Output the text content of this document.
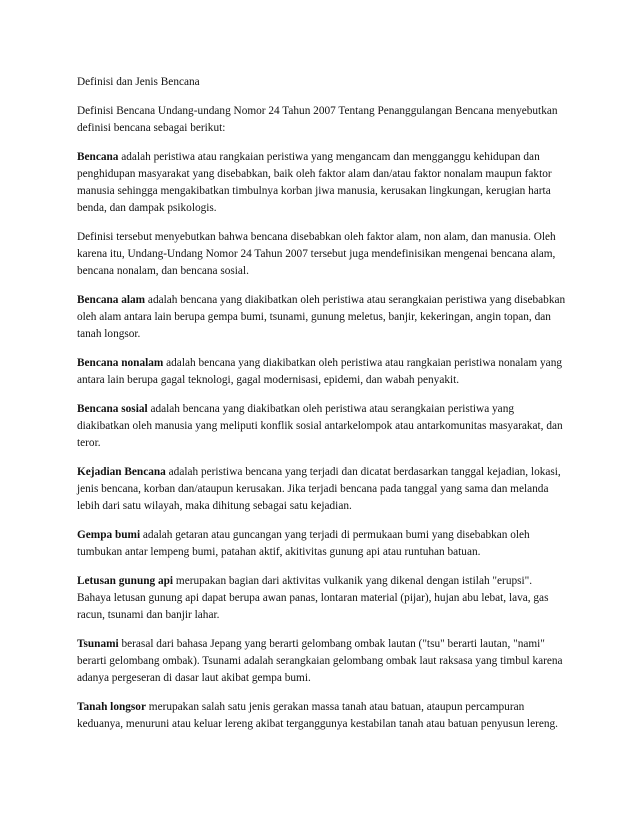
Definisi dan Jenis Bencana

Definisi Bencana Undang-undang Nomor 24 Tahun 2007 Tentang Penanggulangan Bencana menyebutkan definisi bencana sebagai berikut:

Bencana adalah peristiwa atau rangkaian peristiwa yang mengancam dan mengganggu kehidupan dan penghidupan masyarakat yang disebabkan, baik oleh faktor alam dan/atau faktor nonalam maupun faktor manusia sehingga mengakibatkan timbulnya korban jiwa manusia, kerusakan lingkungan, kerugian harta benda, dan dampak psikologis.

Definisi tersebut menyebutkan bahwa bencana disebabkan oleh faktor alam, non alam, dan manusia. Oleh karena itu, Undang-Undang Nomor 24 Tahun 2007 tersebut juga mendefinisikan mengenai bencana alam, bencana nonalam, dan bencana sosial.

Bencana alam adalah bencana yang diakibatkan oleh peristiwa atau serangkaian peristiwa yang disebabkan oleh alam antara lain berupa gempa bumi, tsunami, gunung meletus, banjir, kekeringan, angin topan, dan tanah longsor.

Bencana nonalam adalah bencana yang diakibatkan oleh peristiwa atau rangkaian peristiwa nonalam yang antara lain berupa gagal teknologi, gagal modernisasi, epidemi, dan wabah penyakit.

Bencana sosial adalah bencana yang diakibatkan oleh peristiwa atau serangkaian peristiwa yang diakibatkan oleh manusia yang meliputi konflik sosial antarkelompok atau antarkomunitas masyarakat, dan teror.

Kejadian Bencana adalah peristiwa bencana yang terjadi dan dicatat berdasarkan tanggal kejadian, lokasi, jenis bencana, korban dan/ataupun kerusakan. Jika terjadi bencana pada tanggal yang sama dan melanda lebih dari satu wilayah, maka dihitung sebagai satu kejadian.

Gempa bumi adalah getaran atau guncangan yang terjadi di permukaan bumi yang disebabkan oleh tumbukan antar lempeng bumi, patahan aktif, akitivitas gunung api atau runtuhan batuan.

Letusan gunung api merupakan bagian dari aktivitas vulkanik yang dikenal dengan istilah "erupsi". Bahaya letusan gunung api dapat berupa awan panas, lontaran material (pijar), hujan abu lebat, lava, gas racun, tsunami dan banjir lahar.

Tsunami berasal dari bahasa Jepang yang berarti gelombang ombak lautan ("tsu" berarti lautan, "nami" berarti gelombang ombak). Tsunami adalah serangkaian gelombang ombak laut raksasa yang timbul karena adanya pergeseran di dasar laut akibat gempa bumi.

Tanah longsor merupakan salah satu jenis gerakan massa tanah atau batuan, ataupun percampuran keduanya, menuruni atau keluar lereng akibat terganggunya kestabilan tanah atau batuan penyusun lereng.
